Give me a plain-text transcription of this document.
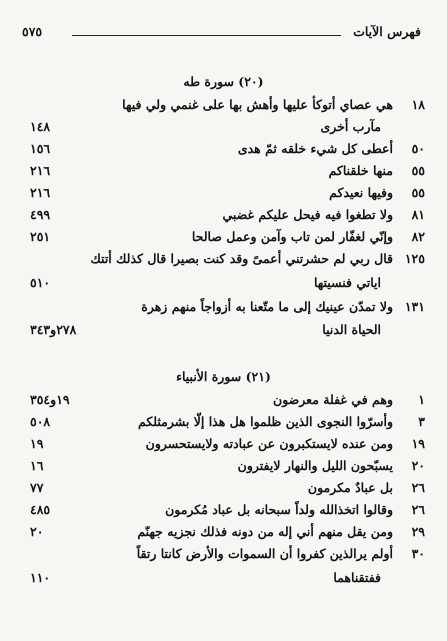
فهرس الآيات
٥٧٥
(٢٠) سورة طه
١٨
هي عصاي أتوكأ عليها وأهش بها على غنمي ولي فيها
مآرب أخرى
١٤٨
٥٠
أعطى كل شيء خلقه ثمّ هدى
١٥٦
٥٥
منها خلقناكم
٢١٦
٥٥
وفيها نعيدكم
٢١٦
٨١
ولا تطغوا فيه فيحل عليكم غضبي
٤٩٩
٨٢
وإنّي لغفّار لمن تاب وآمن وعمل صالحا
٢٥١
١٢٥
قال ربي لم حشرتني أعمىً وقد كنت بصيرا قال كذلك أتتك
اياتي فنسيتها
٥١٠
١٣١
ولا تمدّن عينيك إلى ما متّعنا به أزواجاً منهم زهرة
الحياة الدنيا
٢٧٨و٣٤٣
(٢١) سورة الأنبياء
١
وهم في غفلة معرضون
١٩و٣٥٤
٣
وأسرّوا النجوى الذين ظلموا هل هذا إلّا بشرمثلكم
٥٠٨
١٩
ومن عنده لايستكبرون عن عبادته ولايستحسرون
١٩
٢٠
يسبّحون الليل والنهار لايفترون
١٦
٢٦
بل عبادٌ مكرمون
٧٧
٢٦
وقالوا اتخذالله ولداً سبحانه بل عباد مُكرمون
٤٨٥
٢٩
ومن يقل منهم أني إله من دونه فذلك نجزيه جهنّم
٢٠
٣٠
أولم يرالذين كفروا أن السموات والأرض كانتا رتقاً
ففتقناهما
١١٠
